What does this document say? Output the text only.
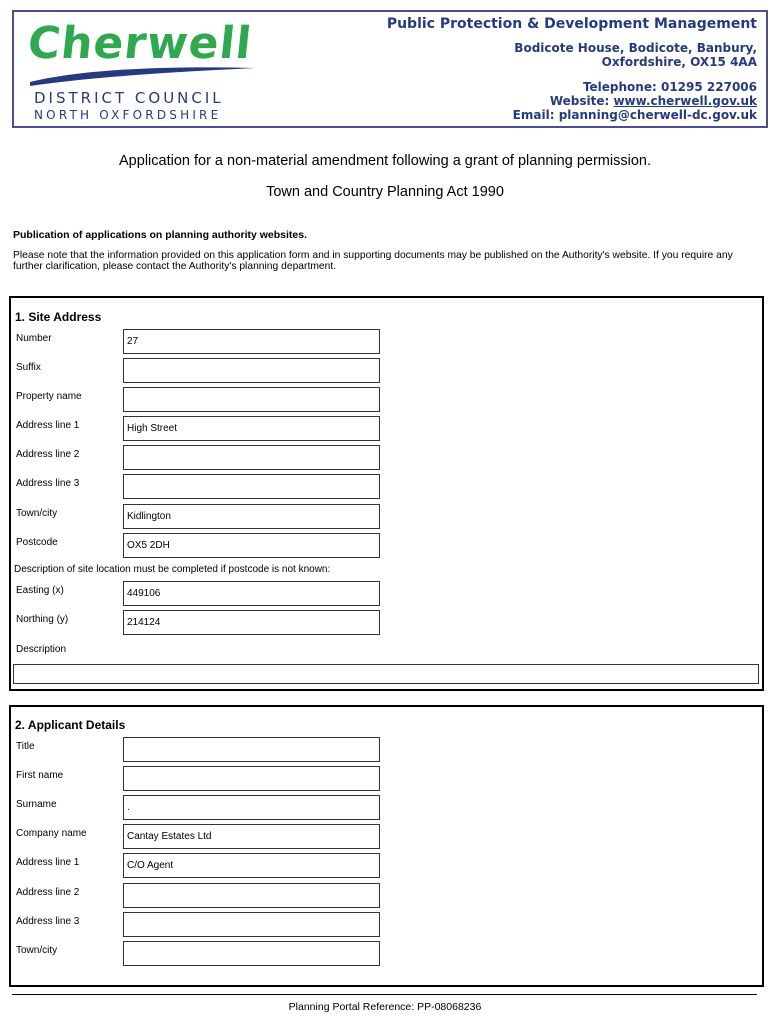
Cherwell
DISTRICT COUNCIL
NORTH OXFORDSHIRE
Public Protection & Development Management
Bodicote House, Bodicote, Banbury,
Oxfordshire, OX15 4AA
Telephone: 01295 227006
Website: www.cherwell.gov.uk
Email: planning@cherwell-dc.gov.uk
Application for a non-material amendment following a grant of planning permission.
Town and Country Planning Act 1990
Publication of applications on planning authority websites.
Please note that the information provided on this application form and in supporting documents may be published on the Authority's website. If you require any further clarification, please contact the Authority's planning department.
1. Site Address
Number	27
Suffix
Property name
Address line 1	High Street
Address line 2
Address line 3
Town/city	Kidlington
Postcode	OX5 2DH
Description of site location must be completed if postcode is not known:
Easting (x)	449106
Northing (y)	214124
Description
2. Applicant Details
Title
First name
Surname	.
Company name	Cantay Estates Ltd
Address line 1	C/O Agent
Address line 2
Address line 3
Town/city
Planning Portal Reference: PP-08068236
